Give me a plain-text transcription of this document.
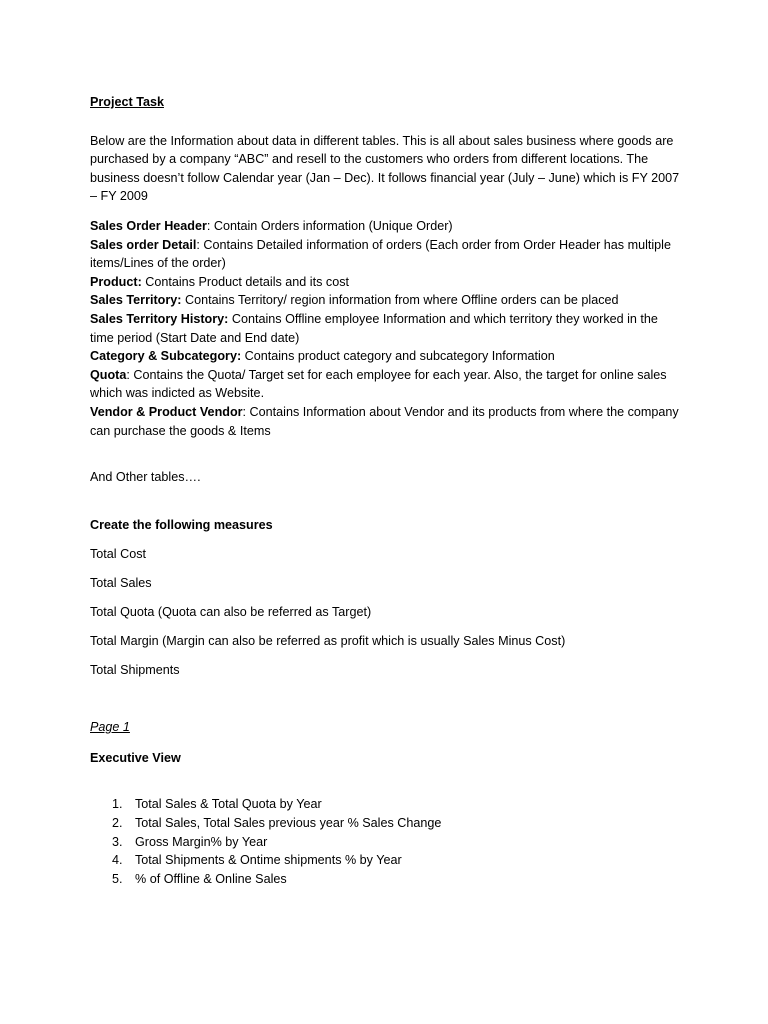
Project Task

Below are the Information about data in different tables. This is all about sales business where goods are purchased by a company “ABC” and resell to the customers who orders from different locations. The business doesn’t follow Calendar year (Jan – Dec). It follows financial year (July – June) which is FY 2007 – FY 2009

Sales Order Header: Contain Orders information (Unique Order)

Sales order Detail: Contains Detailed information of orders (Each order from Order Header has multiple items/Lines of the order)

Product: Contains Product details and its cost

Sales Territory: Contains Territory/ region information from where Offline orders can be placed

Sales Territory History: Contains Offline employee Information and which territory they worked in the time period (Start Date and End date)

Category & Subcategory: Contains product category and subcategory Information

Quota: Contains the Quota/ Target set for each employee for each year. Also, the target for online sales which was indicted as Website.

Vendor & Product Vendor: Contains Information about Vendor and its products from where the company can purchase the goods & Items

And Other tables….

Create the following measures

Total Cost

Total Sales

Total Quota (Quota can also be referred as Target)

Total Margin (Margin can also be referred as profit which is usually Sales Minus Cost)

Total Shipments

Page 1

Executive View

1. Total Sales & Total Quota by Year
2. Total Sales, Total Sales previous year % Sales Change
3. Gross Margin% by Year
4. Total Shipments & Ontime shipments % by Year
5. % of Offline & Online Sales
